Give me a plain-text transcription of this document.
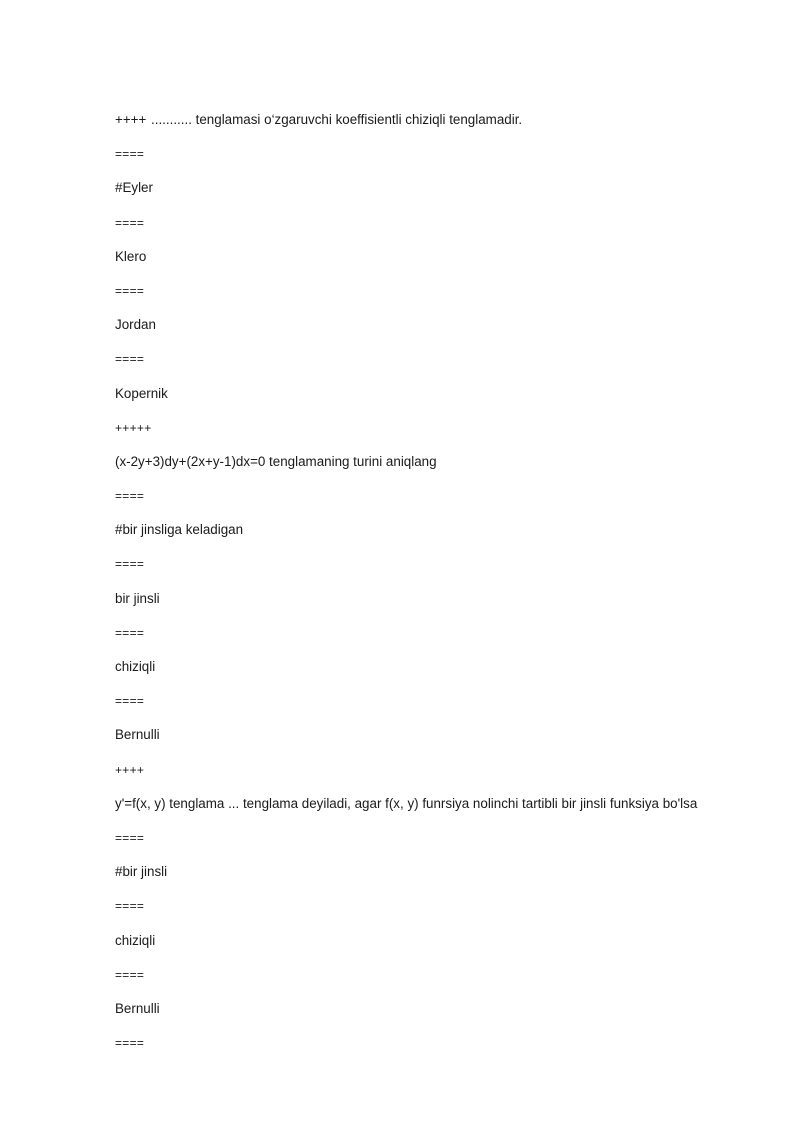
++++ ........... tenglamasi o‘zgaruvchi koeffisientli chiziqli tenglamadir.
====
#Eyler
====
Klero
====
Jordan
====
Kopernik
+++++
(x-2y+3)dy+(2x+y-1)dx=0 tenglamaning turini aniqlang
====
#bir jinsliga keladigan
====
bir jinsli
====
chiziqli
====
Bernulli
++++
y'=f(x, y) tenglama ... tenglama deyiladi, agar f(x, y) funrsiya nolinchi tartibli bir jinsli funksiya bo'lsa
====
#bir jinsli
====
chiziqli
====
Bernulli
====
